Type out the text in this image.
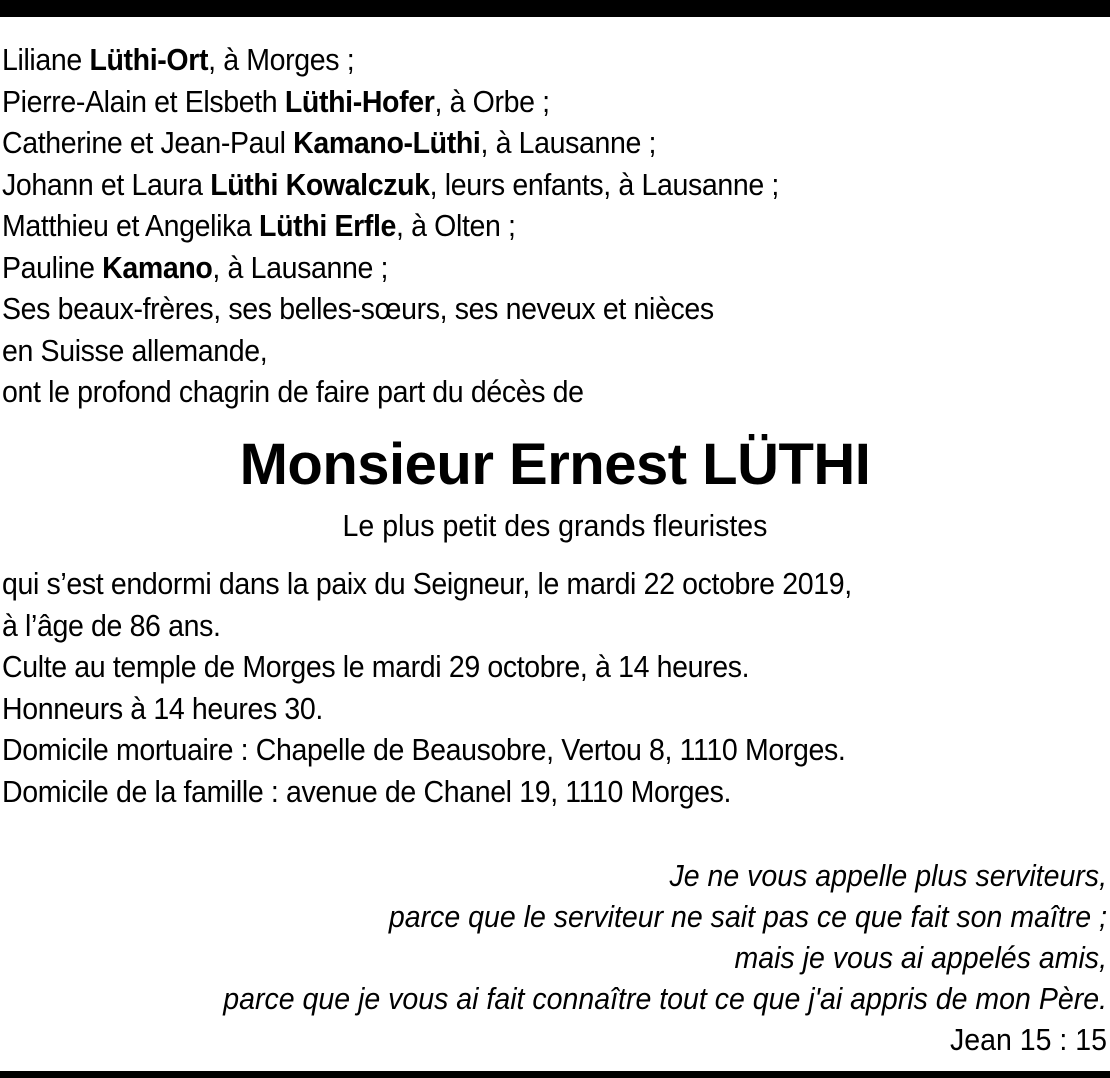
Liliane Lüthi-Ort, à Morges ;
Pierre-Alain et Elsbeth Lüthi-Hofer, à Orbe ;
Catherine et Jean-Paul Kamano-Lüthi, à Lausanne ;
Johann et Laura Lüthi Kowalczuk, leurs enfants, à Lausanne ;
Matthieu et Angelika Lüthi Erfle, à Olten ;
Pauline Kamano, à Lausanne ;
Ses beaux-frères, ses belles-sœurs, ses neveux et nièces
en Suisse allemande,
ont le profond chagrin de faire part du décès de
Monsieur Ernest LÜTHI
Le plus petit des grands fleuristes
qui s’est endormi dans la paix du Seigneur, le mardi 22 octobre 2019,
à l’âge de 86 ans.
Culte au temple de Morges le mardi 29 octobre, à 14 heures.
Honneurs à 14 heures 30.
Domicile mortuaire : Chapelle de Beausobre, Vertou 8, 1110 Morges.
Domicile de la famille : avenue de Chanel 19, 1110 Morges.
Je ne vous appelle plus serviteurs,
parce que le serviteur ne sait pas ce que fait son maître ;
mais je vous ai appelés amis,
parce que je vous ai fait connaître tout ce que j'ai appris de mon Père.
Jean 15 : 15
